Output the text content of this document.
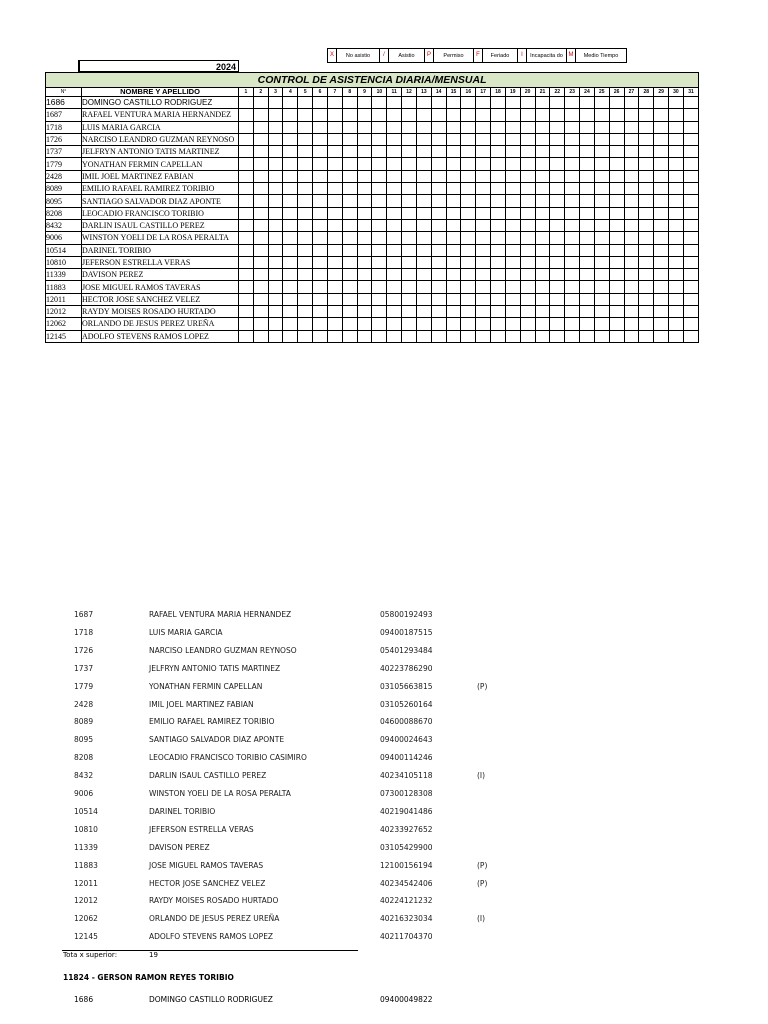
X	No asistio	/	Asistio	P	Permiso	F	Feriado	I	Incapacita do M	Medio Tiempo
2024
CONTROL DE ASISTENCIA DIARIA/MENSUAL																																
N°	NOMBRE Y APELLIDO	1	2	3	4	5	6	7	8	9	10	11	12	13	14	15	16	17	18	19	20	21	22	23	24	25	26	27	28	29	30	31
1686	DOMINGO CASTILLO RODRIGUEZ																															
1687	RAFAEL VENTURA MARIA HERNANDEZ																															
1718	LUIS MARIA GARCIA																															
1726	NARCISO LEANDRO GUZMAN REYNOSO																															
1737	JELFRYN ANTONIO TATIS MARTINEZ																															
1779	YONATHAN FERMIN CAPELLAN																															
2428	IMIL JOEL MARTINEZ FABIAN																															
8089	EMILIO RAFAEL RAMIREZ TORIBIO																															
8095	SANTIAGO SALVADOR DIAZ APONTE																															
8208	LEOCADIO FRANCISCO TORIBIO																															
8432	DARLIN ISAUL CASTILLO PEREZ																															
9006	WINSTON YOELI DE LA ROSA PERALTA																															
10514	DARINEL TORIBIO																															
10810	JEFERSON ESTRELLA VERAS																															
11339	DAVISON PEREZ																															
11883	JOSE MIGUEL RAMOS TAVERAS																															
12011	HECTOR JOSE SANCHEZ VELEZ																															
12012	RAYDY MOISES ROSADO HURTADO																															
12062	ORLANDO DE JESUS PEREZ UREÑA																															
12145	ADOLFO STEVENS RAMOS LOPEZ																															
1687	RAFAEL VENTURA MARIA HERNANDEZ	05800192493
1718	LUIS MARIA GARCIA	09400187515
1726	NARCISO LEANDRO GUZMAN REYNOSO	05401293484
1737	JELFRYN ANTONIO TATIS MARTINEZ	40223786290
1779	YONATHAN FERMIN CAPELLAN	03105663815	(P)
2428	IMIL JOEL MARTINEZ FABIAN	03105260164
8089	EMILIO RAFAEL RAMIREZ TORIBIO	04600088670
8095	SANTIAGO SALVADOR DIAZ APONTE	09400024643
8208	LEOCADIO FRANCISCO TORIBIO CASIMIRO	09400114246
8432	DARLIN ISAUL CASTILLO PEREZ	40234105118	(I)
9006	WINSTON YOELI DE LA ROSA PERALTA	07300128308
10514	DARINEL TORIBIO	40219041486
10810	JEFERSON ESTRELLA VERAS	40233927652
11339	DAVISON PEREZ	03105429900
11883	JOSE MIGUEL RAMOS TAVERAS	12100156194	(P)
12011	HECTOR JOSE SANCHEZ VELEZ	40234542406	(P)
12012	RAYDY MOISES ROSADO HURTADO	40224121232
12062	ORLANDO DE JESUS PEREZ UREÑA	40216323034	(I)
12145	ADOLFO STEVENS RAMOS LOPEZ	40211704370
Tota x superior:	19
11824 - GERSON RAMON REYES TORIBIO
1686	DOMINGO CASTILLO RODRIGUEZ	09400049822
